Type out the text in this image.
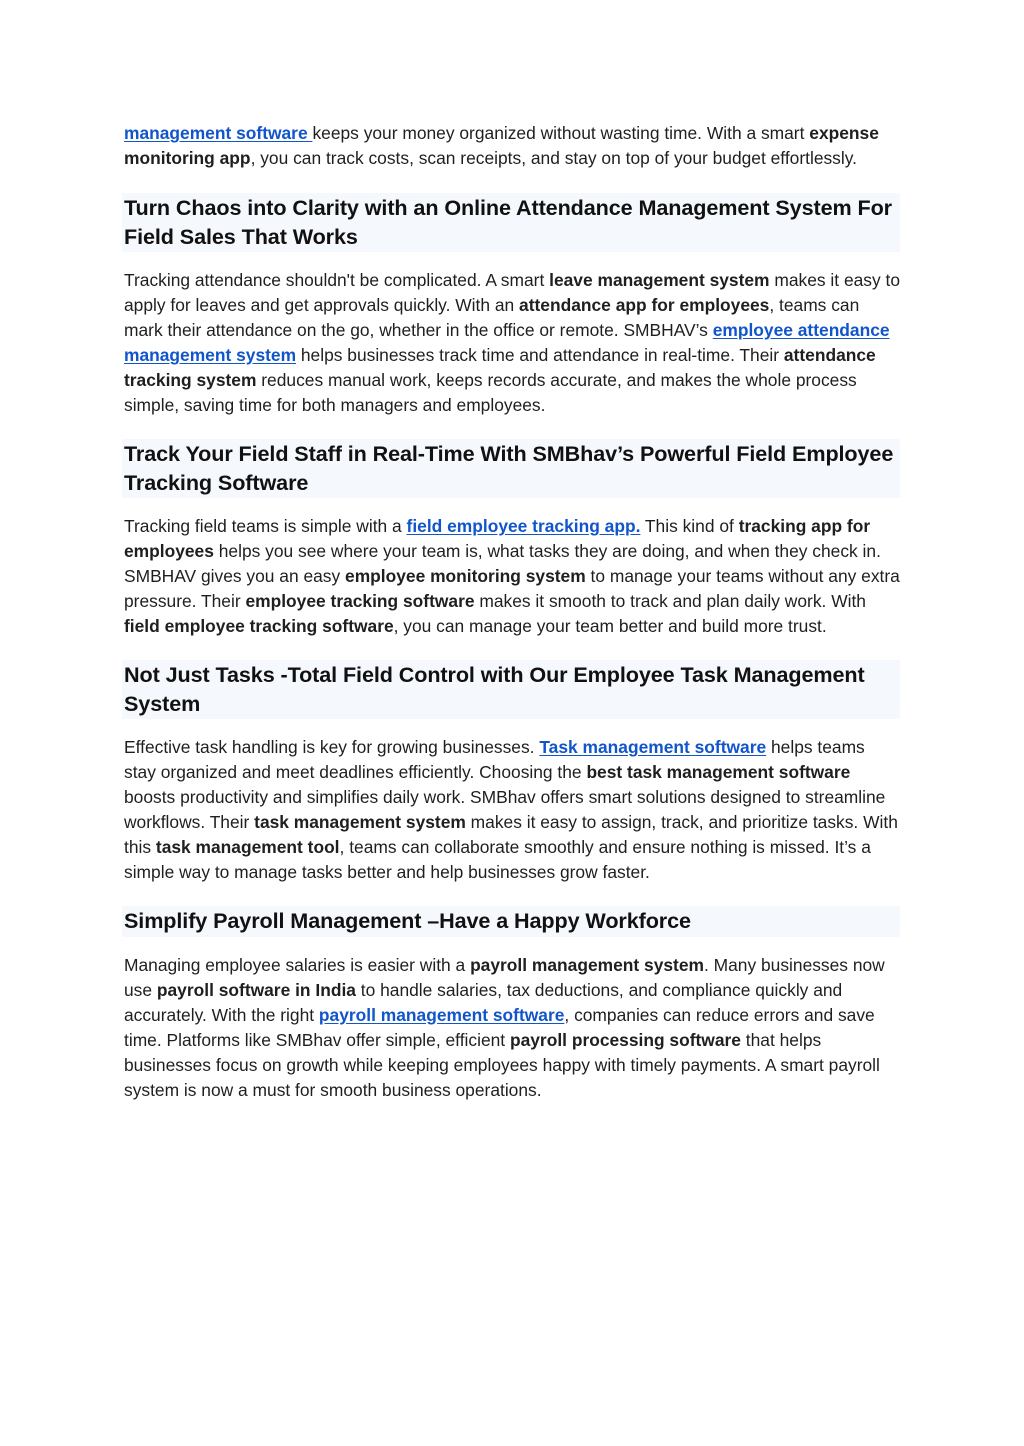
management software keeps your money organized without wasting time. With a smart expense monitoring app, you can track costs, scan receipts, and stay on top of your budget effortlessly.

Turn Chaos into Clarity with an Online Attendance Management System For Field Sales That Works

Tracking attendance shouldn't be complicated. A smart leave management system makes it easy to apply for leaves and get approvals quickly. With an attendance app for employees, teams can mark their attendance on the go, whether in the office or remote. SMBHAV’s employee attendance management system helps businesses track time and attendance in real-time. Their attendance tracking system reduces manual work, keeps records accurate, and makes the whole process simple, saving time for both managers and employees.

Track Your Field Staff in Real-Time With SMBhav’s Powerful Field Employee Tracking Software

Tracking field teams is simple with a field employee tracking app. This kind of tracking app for employees helps you see where your team is, what tasks they are doing, and when they check in. SMBHAV gives you an easy employee monitoring system to manage your teams without any extra pressure. Their employee tracking software makes it smooth to track and plan daily work. With field employee tracking software, you can manage your team better and build more trust.

Not Just Tasks -Total Field Control with Our Employee Task Management System

Effective task handling is key for growing businesses. Task management software helps teams stay organized and meet deadlines efficiently. Choosing the best task management software boosts productivity and simplifies daily work. SMBhav offers smart solutions designed to streamline workflows. Their task management system makes it easy to assign, track, and prioritize tasks. With this task management tool, teams can collaborate smoothly and ensure nothing is missed. It’s a simple way to manage tasks better and help businesses grow faster.

Simplify Payroll Management –Have a Happy Workforce

Managing employee salaries is easier with a payroll management system. Many businesses now use payroll software in India to handle salaries, tax deductions, and compliance quickly and accurately. With the right payroll management software, companies can reduce errors and save time. Platforms like SMBhav offer simple, efficient payroll processing software that helps businesses focus on growth while keeping employees happy with timely payments. A smart payroll system is now a must for smooth business operations.
